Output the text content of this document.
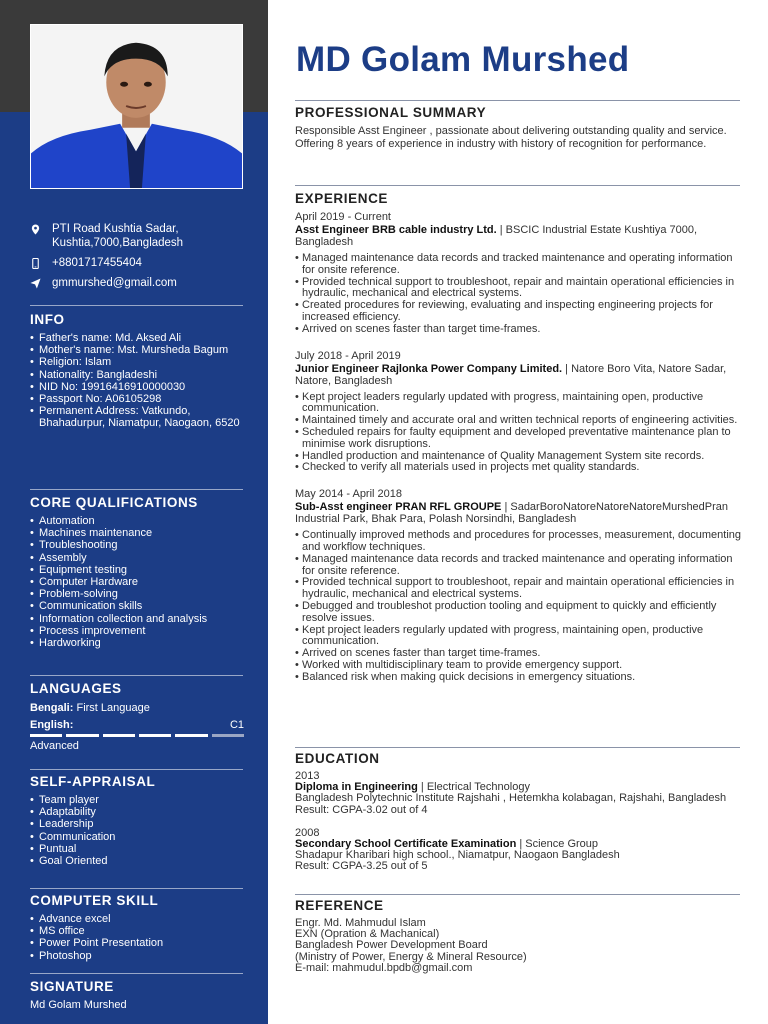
PTI Road Kushtia Sadar, Kushtia,7000,Bangladesh
+8801717455404
gmmurshed@gmail.com
INFO
• Father's name: Md. Aksed Ali
• Mother's name: Mst. Mursheda Bagum
• Religion: Islam
• Nationality: Bangladeshi
• NID No: 19916416910000030
• Passport No: A06105298
• Permanent Address: Vatkundo, Bhahadurpur, Niamatpur, Naogaon, 6520
CORE QUALIFICATIONS
• Automation
• Machines maintenance
• Troubleshooting
• Assembly
• Equipment testing
• Computer Hardware
• Problem-solving
• Communication skills
• Information collection and analysis
• Process improvement
• Hardworking
LANGUAGES
Bengali: First Language
English:	C1
Advanced
SELF-APPRAISAL
• Team player
• Adaptability
• Leadership
• Communication
• Puntual
• Goal Oriented
COMPUTER SKILL
• Advance excel
• MS office
• Power Point Presentation
• Photoshop
SIGNATURE
Md Golam Murshed
MD Golam Murshed
PROFESSIONAL SUMMARY
Responsible Asst Engineer , passionate about delivering outstanding quality and service. Offering 8 years of experience in industry with history of recognition for performance.
EXPERIENCE
April 2019 - Current
Asst Engineer BRB cable industry Ltd. | BSCIC Industrial Estate Kushtiya 7000, Bangladesh
• Managed maintenance data records and tracked maintenance and operating information for onsite reference.
• Provided technical support to troubleshoot, repair and maintain operational efficiencies in hydraulic, mechanical and electrical systems.
• Created procedures for reviewing, evaluating and inspecting engineering projects for increased efficiency.
• Arrived on scenes faster than target time-frames.
July 2018 - April 2019
Junior Engineer Rajlonka Power Company Limited. | Natore Boro Vita, Natore Sadar, Natore, Bangladesh
• Kept project leaders regularly updated with progress, maintaining open, productive communication.
• Maintained timely and accurate oral and written technical reports of engineering activities.
• Scheduled repairs for faulty equipment and developed preventative maintenance plan to minimise work disruptions.
• Handled production and maintenance of Quality Management System site records.
• Checked to verify all materials used in projects met quality standards.
May 2014 - April 2018
Sub-Asst engineer PRAN RFL GROUPE | SadarBoroNatoreNatoreNatoreMurshedPran Industrial Park, Bhak Para, Polash Norsindhi, Bangladesh
• Continually improved methods and procedures for processes, measurement, documenting and workflow techniques.
• Managed maintenance data records and tracked maintenance and operating information for onsite reference.
• Provided technical support to troubleshoot, repair and maintain operational efficiencies in hydraulic, mechanical and electrical systems.
• Debugged and troubleshot production tooling and equipment to quickly and efficiently resolve issues.
• Kept project leaders regularly updated with progress, maintaining open, productive communication.
• Arrived on scenes faster than target time-frames.
• Worked with multidisciplinary team to provide emergency support.
• Balanced risk when making quick decisions in emergency situations.
EDUCATION
2013
Diploma in Engineering | Electrical Technology
Bangladesh Polytechnic Institute Rajshahi , Hetemkha kolabagan, Rajshahi, Bangladesh
Result: CGPA-3.02 out of 4
2008
Secondary School Certificate Examination | Science Group
Shadapur Kharibari high school., Niamatpur, Naogaon Bangladesh
Result: CGPA-3.25 out of 5
REFERENCE
Engr. Md. Mahmudul Islam
EXN (Opration & Machanical)
Bangladesh Power Development Board
(Ministry of Power, Energy & Mineral Resource)
E-mail: mahmudul.bpdb@gmail.com
